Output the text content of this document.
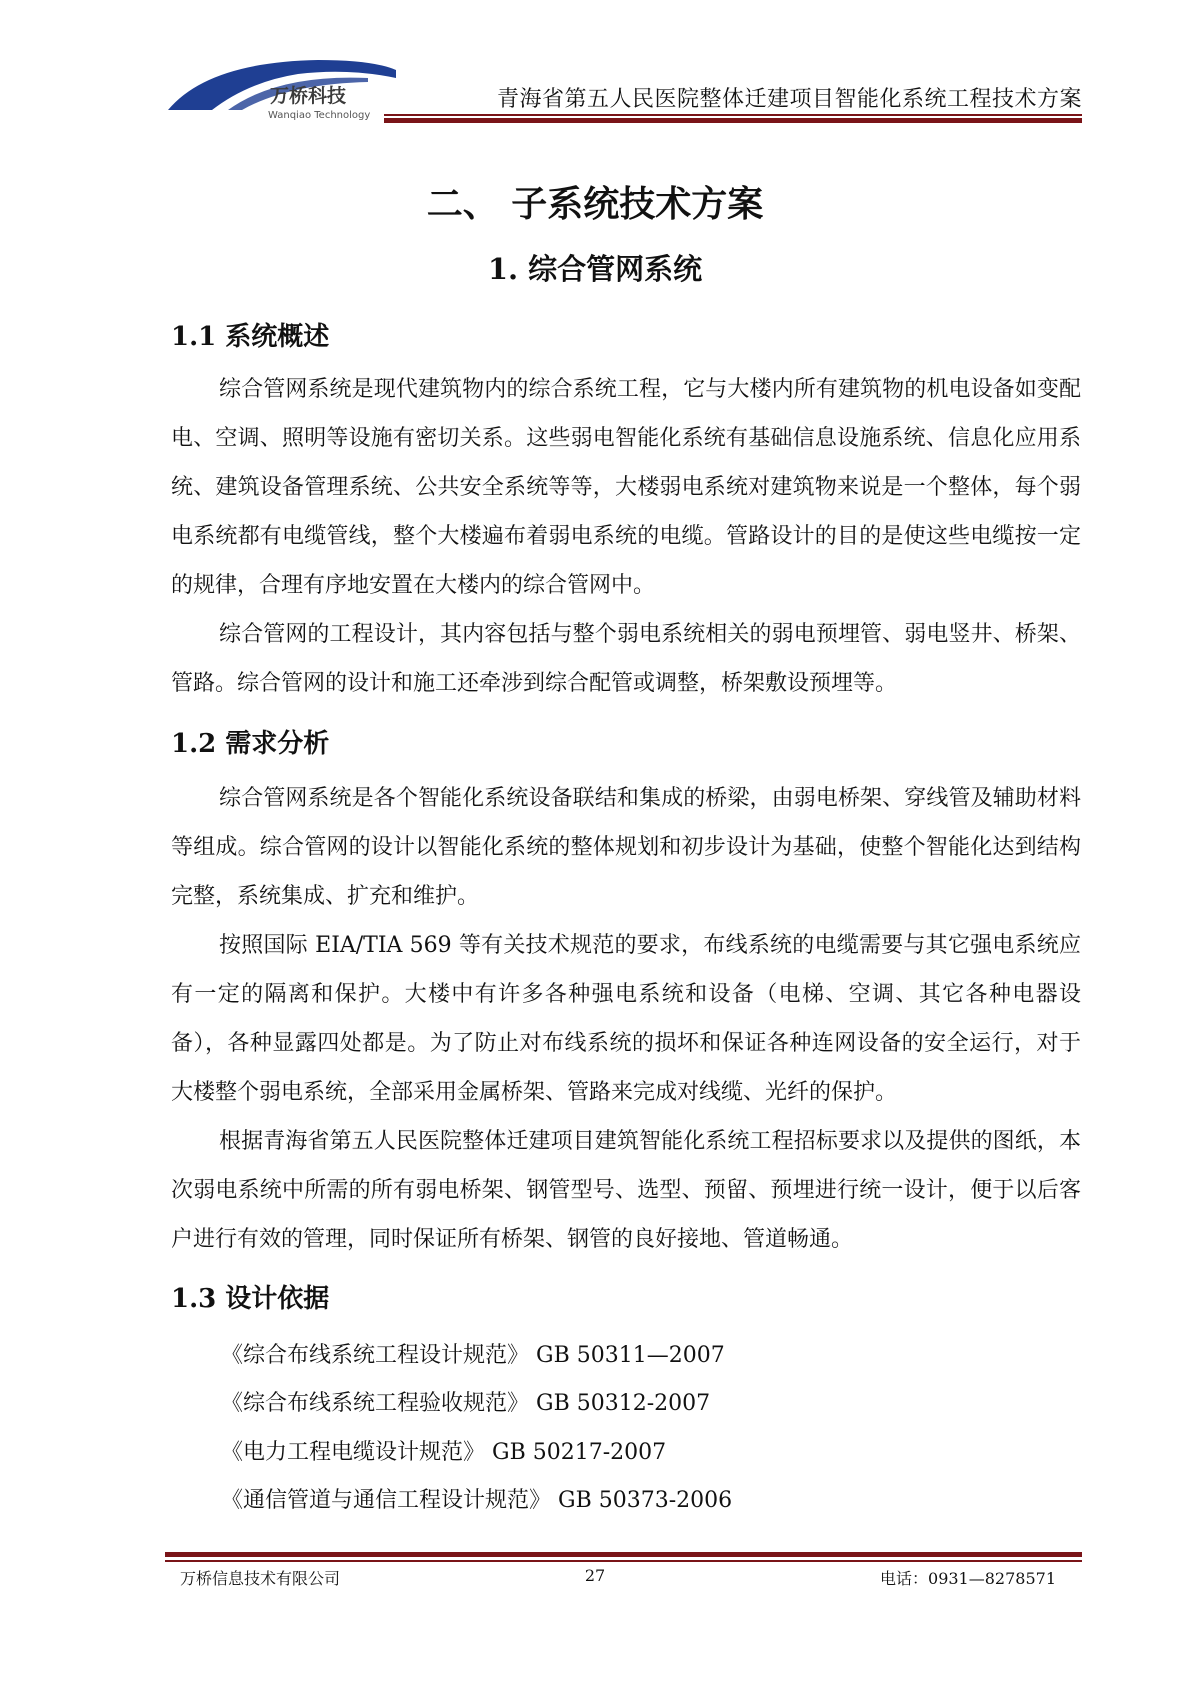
万桥科技
Wanqiao Technology
青海省第五人民医院整体迁建项目智能化系统工程技术方案
二、 子系统技术方案
1. 综合管网系统
1.1 系统概述

综合管网系统是现代建筑物内的综合系统工程，它与大楼内所有建筑物的机电设备如变配电、空调、照明等设施有密切关系。这些弱电智能化系统有基础信息设施系统、信息化应用系统、建筑设备管理系统、公共安全系统等等，大楼弱电系统对建筑物来说是一个整体，每个弱电系统都有电缆管线，整个大楼遍布着弱电系统的电缆。管路设计的目的是使这些电缆按一定的规律，合理有序地安置在大楼内的综合管网中。

综合管网的工程设计，其内容包括与整个弱电系统相关的弱电预埋管、弱电竖井、桥架、管路。综合管网的设计和施工还牵涉到综合配管或调整，桥架敷设预埋等。

1.2 需求分析

综合管网系统是各个智能化系统设备联结和集成的桥梁，由弱电桥架、穿线管及辅助材料等组成。综合管网的设计以智能化系统的整体规划和初步设计为基础，使整个智能化达到结构完整，系统集成、扩充和维护。

按照国际 EIA/TIA 569 等有关技术规范的要求，布线系统的电缆需要与其它强电系统应有一定的隔离和保护。大楼中有许多各种强电系统和设备（电梯、空调、其它各种电器设备），各种显露四处都是。为了防止对布线系统的损坏和保证各种连网设备的安全运行，对于大楼整个弱电系统，全部采用金属桥架、管路来完成对线缆、光纤的保护。

根据青海省第五人民医院整体迁建项目建筑智能化系统工程招标要求以及提供的图纸，本次弱电系统中所需的所有弱电桥架、钢管型号、选型、预留、预埋进行统一设计，便于以后客户进行有效的管理，同时保证所有桥架、钢管的良好接地、管道畅通。

1.3 设计依据
《综合布线系统工程设计规范》 GB 50311—2007
《综合布线系统工程验收规范》 GB 50312-2007
《电力工程电缆设计规范》 GB 50217-2007
《通信管道与通信工程设计规范》 GB 50373-2006
万桥信息技术有限公司	27	电话：0931—8278571
